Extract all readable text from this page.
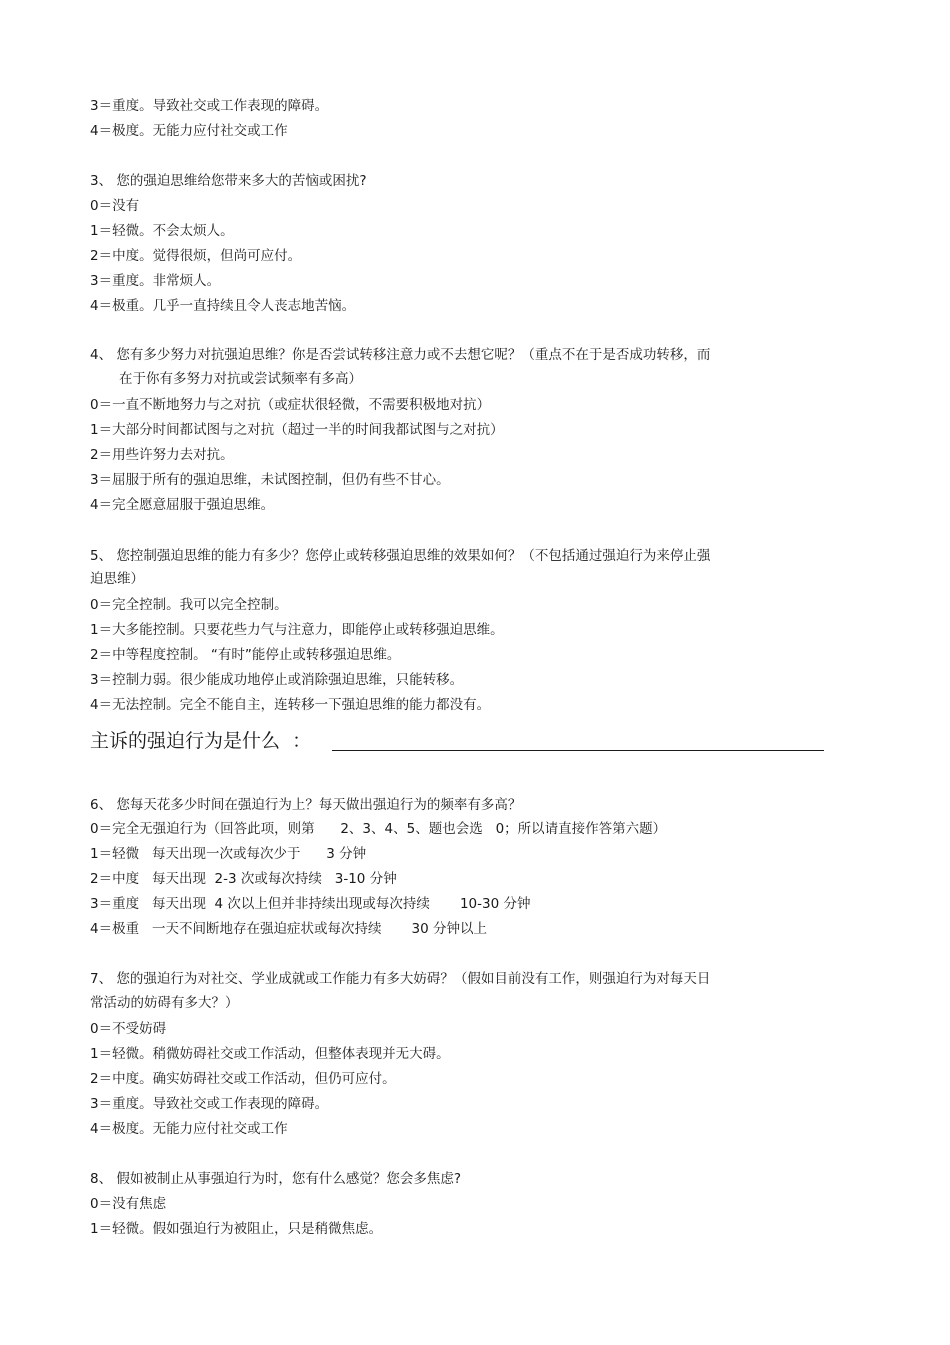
3＝重度。导致社交或工作表现的障碍。
4＝极度。无能力应付社交或工作
3、 您的强迫思维给您带来多大的苦恼或困扰?
0＝没有
1＝轻微。不会太烦人。
2＝中度。觉得很烦，但尚可应付。
3＝重度。非常烦人。
4＝极重。几乎一直持续且令人丧志地苦恼。
4、 您有多少努力对抗强迫思维？你是否尝试转移注意力或不去想它呢？（重点不在于是否成功转移，而
在于你有多努力对抗或尝试频率有多高）
0＝一直不断地努力与之对抗（或症状很轻微，不需要积极地对抗）
1＝大部分时间都试图与之对抗（超过一半的时间我都试图与之对抗）
2＝用些许努力去对抗。
3＝屈服于所有的强迫思维，未试图控制，但仍有些不甘心。
4＝完全愿意屈服于强迫思维。
5、 您控制强迫思维的能力有多少？您停止或转移强迫思维的效果如何？（不包括通过强迫行为来停止强
迫思维）
0＝完全控制。我可以完全控制。
1＝大多能控制。只要花些力气与注意力，即能停止或转移强迫思维。
2＝中等程度控制。 “有时”能停止或转移强迫思维。
3＝控制力弱。很少能成功地停止或消除强迫思维，只能转移。
4＝无法控制。完全不能自主，连转移一下强迫思维的能力都没有。
主诉的强迫行为是什么  ：
6、 您每天花多少时间在强迫行为上？每天做出强迫行为的频率有多高？
0＝完全无强迫行为（回答此项，则第      2、3、4、5、题也会选   0；所以请直接作答第六题）
1＝轻微   每天出现一次或每次少于      3 分钟
2＝中度   每天出现  2-3 次或每次持续   3-10 分钟
3＝重度   每天出现  4 次以上但并非持续出现或每次持续       10-30 分钟
4＝极重   一天不间断地存在强迫症状或每次持续       30 分钟以上
7、 您的强迫行为对社交、学业成就或工作能力有多大妨碍？（假如目前没有工作，则强迫行为对每天日
常活动的妨碍有多大？）
0＝不受妨碍
1＝轻微。稍微妨碍社交或工作活动，但整体表现并无大碍。
2＝中度。确实妨碍社交或工作活动，但仍可应付。
3＝重度。导致社交或工作表现的障碍。
4＝极度。无能力应付社交或工作
8、 假如被制止从事强迫行为时，您有什么感觉？您会多焦虑?
0＝没有焦虑
1＝轻微。假如强迫行为被阻止，只是稍微焦虑。
